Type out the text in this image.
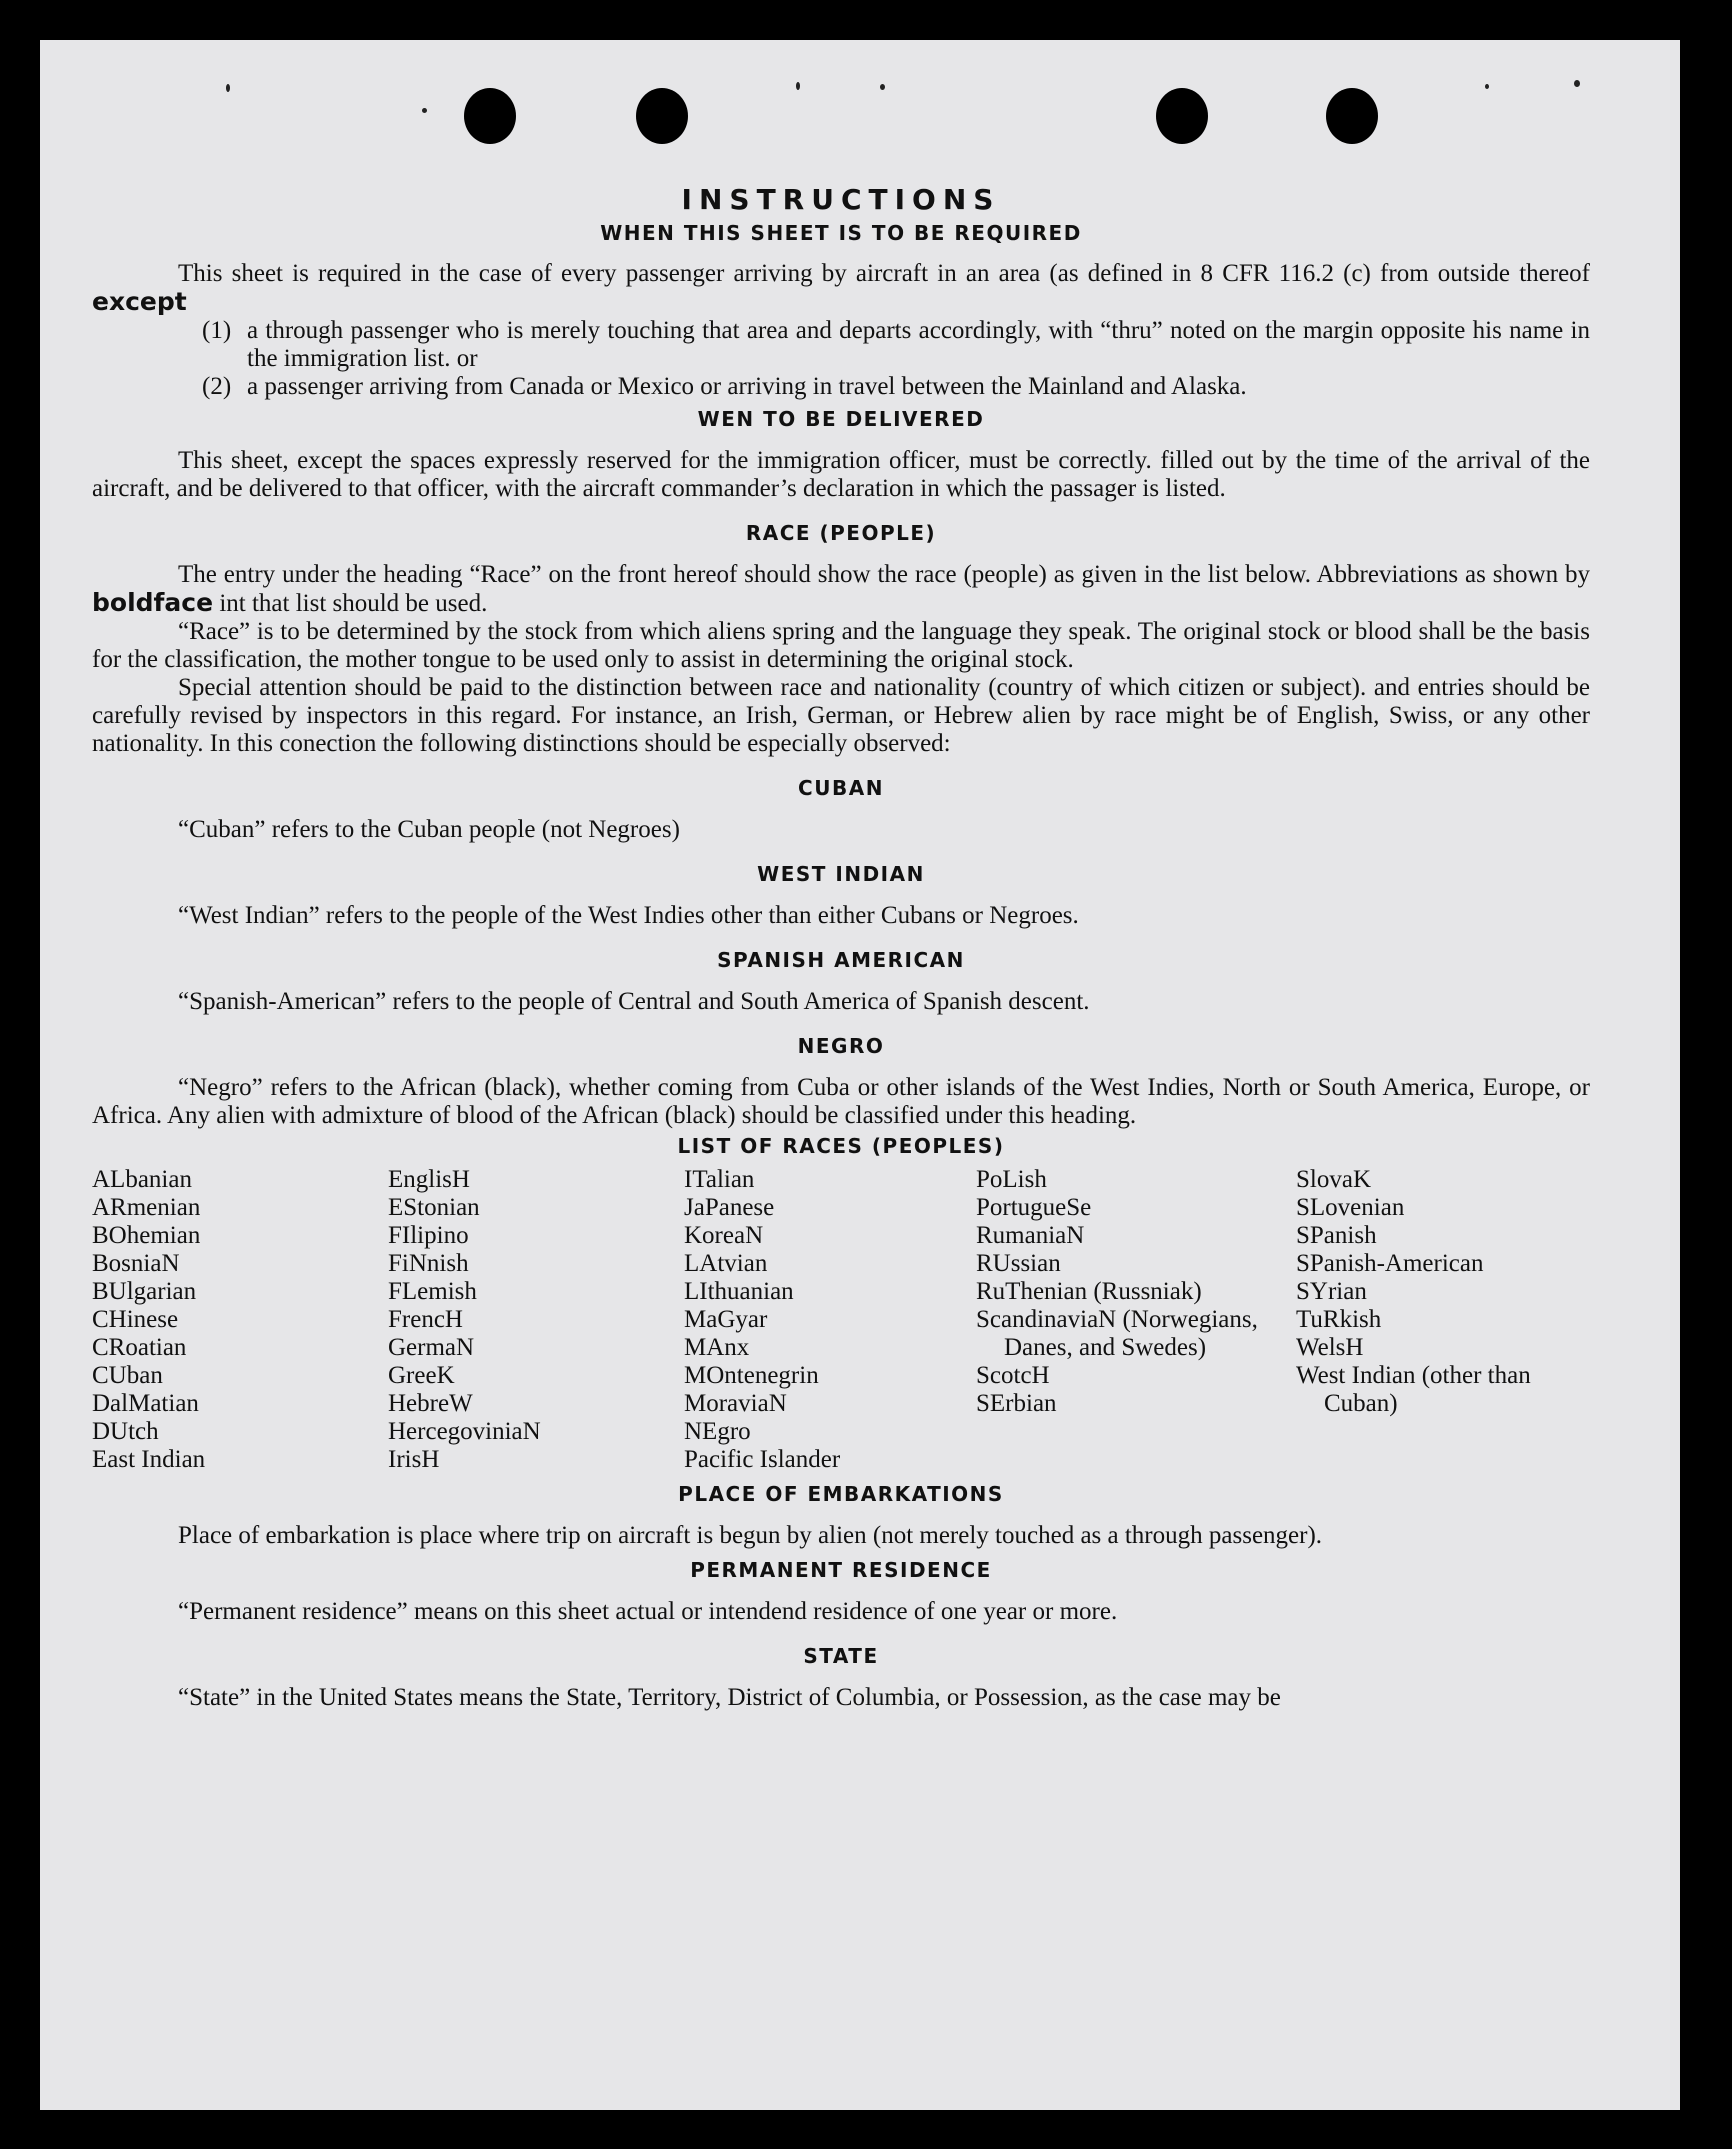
INSTRUCTIONS
WHEN THIS SHEET IS TO BE REQUIRED

This sheet is required in the case of every passenger arriving by aircraft in an area (as defined in 8 CFR 116.2 (c) from outside thereof except

(1) a through passenger who is merely touching that area and departs accordingly, with “thru” noted on the margin opposite his name in the immigration list. or
(2) a passenger arriving from Canada or Mexico or arriving in travel between the Mainland and Alaska.
WEN TO BE DELIVERED

This sheet, except the spaces expressly reserved for the immigration officer, must be correctly. filled out by the time of the arrival of the aircraft, and be delivered to that officer, with the aircraft commander’s declaration in which the passager is listed.

RACE (PEOPLE)

The entry under the heading “Race” on the front hereof should show the race (people) as given in the list below. Abbreviations as shown by boldface int that list should be used.

“Race” is to be determined by the stock from which aliens spring and the language they speak. The original stock or blood shall be the basis for the classification, the mother tongue to be used only to assist in determining the original stock.

Special attention should be paid to the distinction between race and nationality (country of which citizen or subject). and entries should be carefully revised by inspectors in this regard. For instance, an Irish, German, or Hebrew alien by race might be of English, Swiss, or any other nationality. In this conection the following distinctions should be especially observed:

CUBAN

“Cuban” refers to the Cuban people (not Negroes)

WEST INDIAN

“West Indian” refers to the people of the West Indies other than either Cubans or Negroes.

SPANISH AMERICAN

“Spanish-American” refers to the people of Central and South America of Spanish descent.

NEGRO

“Negro” refers to the African (black), whether coming from Cuba or other islands of the West Indies, North or South America, Europe, or Africa. Any alien with admixture of blood of the African (black) should be classified under this heading.

LIST OF RACES (PEOPLES)
ALbanian
ARmenian
BOhemian
BosniaN
BUlgarian
CHinese
CRoatian
CUban
DalMatian
DUtch
East Indian
EnglisH
EStonian
FIlipino
FiNnish
FLemish
FrencH
GermaN
GreeK
HebreW
HercegoviniaN
IrisH
ITalian
JaPanese
KoreaN
LAtvian
LIthuanian
MaGyar
MAnx
MOntenegrin
MoraviaN
NEgro
Pacific Islander
PoLish
PortugueSe
RumaniaN
RUssian
RuThenian (Russniak)
ScandinaviaN (Norwegians, Danes, and Swedes)
ScotcH
SErbian
SlovaK
SLovenian
SPanish
SPanish-American
SYrian
TuRkish
WelsH
West Indian (other than Cuban)
PLACE OF EMBARKATIONS

Place of embarkation is place where trip on aircraft is begun by alien (not merely touched as a through passenger).

PERMANENT RESIDENCE

“Permanent residence” means on this sheet actual or intendend residence of one year or more.

STATE

“State” in the United States means the State, Territory, District of Columbia, or Possession, as the case may be
